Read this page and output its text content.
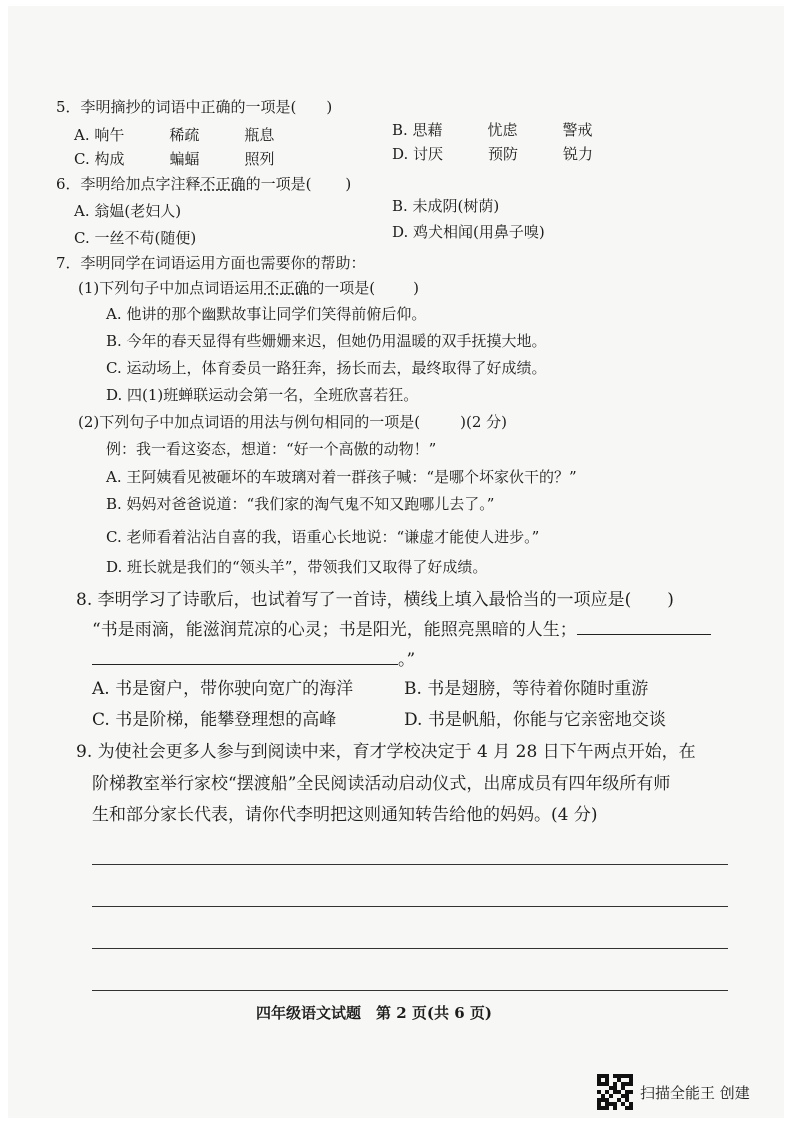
5．李明摘抄的词语中正确的一项是( )
A. 响午　　　稀疏　　　瓶息	B. 思藉　　　忧虑　　　警戒
C. 构成　　　蝙蝠　　　照列	D. 讨厌　　　预防　　　锐力
6．李明给加点字注释不正确的一项是( )
A. 翁媪(老妇人)	B. 未成阴(树荫)
C. 一丝不苟(随便)	D. 鸡犬相闻(用鼻子嗅)
7．李明同学在词语运用方面也需要你的帮助：
(1)下列句子中加点词语运用不正确的一项是(	)
A. 他讲的那个幽默故事让同学们笑得前俯后仰。
B. 今年的春天显得有些姗姗来迟，但她仍用温暖的双手抚摸大地。
C. 运动场上，体育委员一路狂奔，扬长而去，最终取得了好成绩。
D. 四(1)班蝉联运动会第一名，全班欣喜若狂。
(2)下列句子中加点词语的用法与例句相同的一项是(	)(2 分)
例：我一看这姿态，想道：“好一个高傲的动物！”
A. 王阿姨看见被砸坏的车玻璃对着一群孩子喊：“是哪个坏家伙干的？”
B. 妈妈对爸爸说道：“我们家的淘气鬼不知又跑哪儿去了。”
C. 老师看着沾沾自喜的我，语重心长地说：“谦虚才能使人进步。”
D. 班长就是我们的“领头羊”，带领我们又取得了好成绩。
8. 李明学习了诗歌后，也试着写了一首诗，横线上填入最恰当的一项应是( )
“书是雨滴，能滋润荒凉的心灵；书是阳光，能照亮黑暗的人生；
。”
A. 书是窗户，带你驶向宽广的海洋	B. 书是翅膀，等待着你随时重游
C. 书是阶梯，能攀登理想的高峰	D. 书是帆船，你能与它亲密地交谈
9. 为使社会更多人参与到阅读中来，育才学校决定于 4 月 28 日下午两点开始，在
阶梯教室举行家校“摆渡船”全民阅读活动启动仪式，出席成员有四年级所有师
生和部分家长代表，请你代李明把这则通知转告给他的妈妈。(4 分)
四年级语文试题　第 2 页(共 6 页)
扫描全能王 创建
